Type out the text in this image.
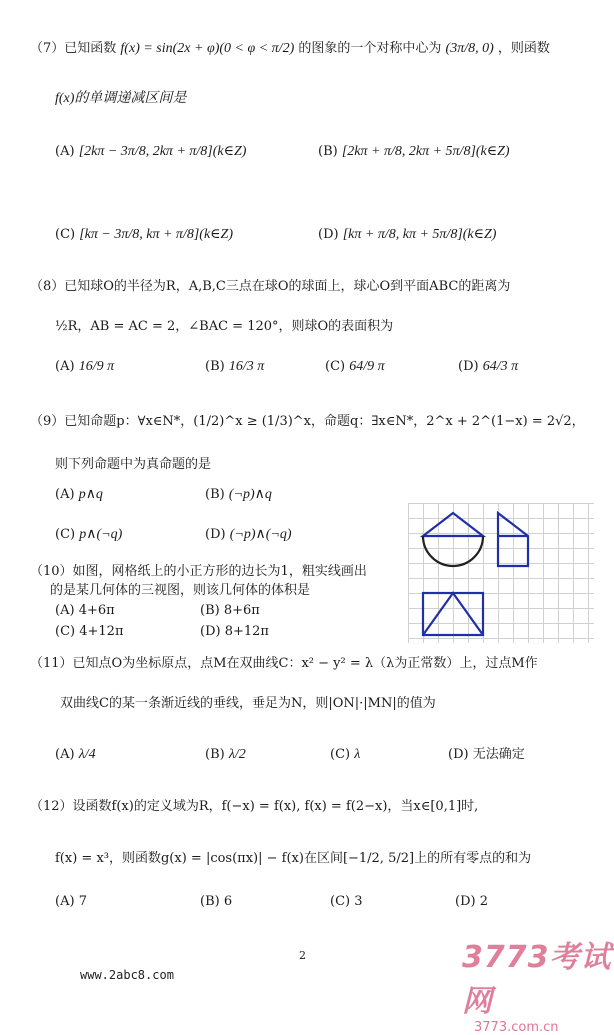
（7）已知函数 f(x) = sin(2x + φ)(0 < φ < π/2) 的图象的一个对称中心为 (3π/8, 0) ，则函数
f(x)的单调递减区间是
(A) [2kπ − 3π/8, 2kπ + π/8](k∈Z)	(B) [2kπ + π/8, 2kπ + 5π/8](k∈Z)
(C) [kπ − 3π/8, kπ + π/8](k∈Z)	(D) [kπ + π/8, kπ + 5π/8](k∈Z)
（8）已知球O的半径为R，A,B,C三点在球O的球面上，球心O到平面ABC的距离为
½R，AB = AC = 2，∠BAC = 120°，则球O的表面积为
(A) 16/9 π	(B) 16/3 π	(C) 64/9 π	(D) 64/3 π
（9）已知命题p：∀x∈N*，(1/2)^x ≥ (1/3)^x，命题q：∃x∈N*，2^x + 2^(1−x) = 2√2，
则下列命题中为真命题的是
(A) p∧q	(B) (¬p)∧q
(C) p∧(¬q)	(D) (¬p)∧(¬q)
（10）如图，网格纸上的小正方形的边长为1，粗实线画出
的是某几何体的三视图，则该几何体的体积是
(A) 4+6π	(B) 8+6π
(C) 4+12π	(D) 8+12π
（11）已知点O为坐标原点，点M在双曲线C：x² − y² = λ（λ为正常数）上，过点M作
双曲线C的某一条渐近线的垂线，垂足为N，则|ON|·|MN|的值为
(A) λ/4	(B) λ/2	(C) λ	(D) 无法确定
（12）设函数f(x)的定义域为R，f(−x) = f(x), f(x) = f(2−x)，当x∈[0,1]时,
f(x) = x³，则函数g(x) = |cos(πx)| − f(x)在区间[−1/2, 5/2]上的所有零点的和为
(A) 7	(B) 6	(C) 3	(D) 2
2
www.2abc8.com	3773考试网
3773.com.cn
